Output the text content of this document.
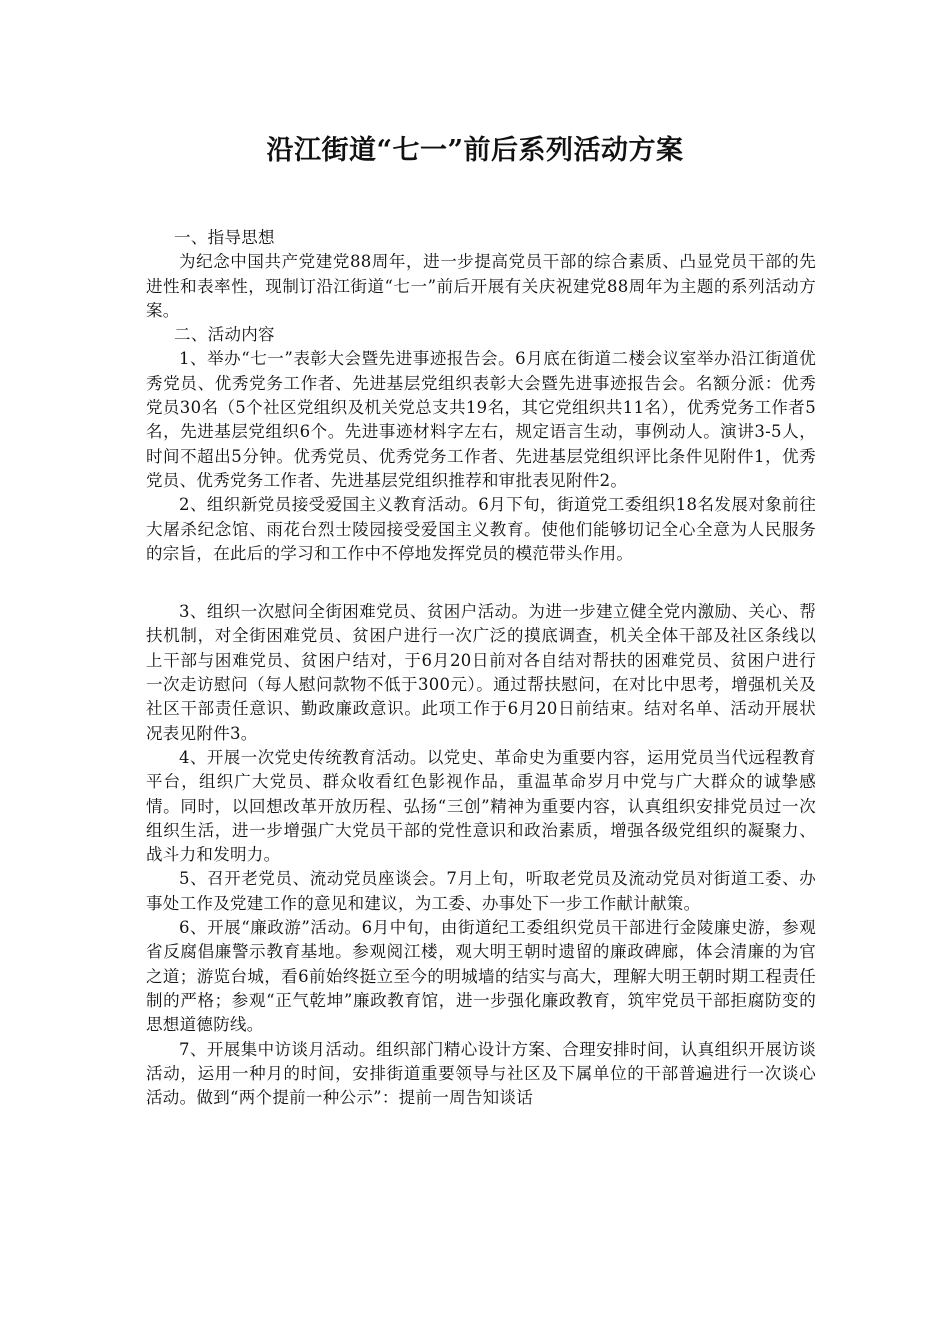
沿江街道“七一”前后系列活动方案

一、指导思想

为纪念中国共产党建党88周年，进一步提高党员干部的综合素质、凸显党员干部的先进性和表率性，现制订沿江街道“七一”前后开展有关庆祝建党88周年为主题的系列活动方案。

二、活动内容

1、举办“七一”表彰大会暨先进事迹报告会。6月底在街道二楼会议室举办沿江街道优秀党员、优秀党务工作者、先进基层党组织表彰大会暨先进事迹报告会。名额分派：优秀党员30名（5个社区党组织及机关党总支共19名，其它党组织共11名），优秀党务工作者5名，先进基层党组织6个。先进事迹材料字左右，规定语言生动，事例动人。演讲3-5人，时间不超出5分钟。优秀党员、优秀党务工作者、先进基层党组织评比条件见附件1，优秀党员、优秀党务工作者、先进基层党组织推荐和审批表见附件2。

2、组织新党员接受爱国主义教育活动。6月下旬，街道党工委组织18名发展对象前往大屠杀纪念馆、雨花台烈士陵园接受爱国主义教育。使他们能够切记全心全意为人民服务的宗旨，在此后的学习和工作中不停地发挥党员的模范带头作用。

3、组织一次慰问全街困难党员、贫困户活动。为进一步建立健全党内激励、关心、帮扶机制，对全街困难党员、贫困户进行一次广泛的摸底调查，机关全体干部及社区条线以上干部与困难党员、贫困户结对，于6月20日前对各自结对帮扶的困难党员、贫困户进行一次走访慰问（每人慰问款物不低于300元）。通过帮扶慰问，在对比中思考，增强机关及社区干部责任意识、勤政廉政意识。此项工作于6月20日前结束。结对名单、活动开展状况表见附件3。

4、开展一次党史传统教育活动。以党史、革命史为重要内容，运用党员当代远程教育平台，组织广大党员、群众收看红色影视作品，重温革命岁月中党与广大群众的诚挚感情。同时，以回想改革开放历程、弘扬“三创”精神为重要内容，认真组织安排党员过一次组织生活，进一步增强广大党员干部的党性意识和政治素质，增强各级党组织的凝聚力、战斗力和发明力。

5、召开老党员、流动党员座谈会。7月上旬，听取老党员及流动党员对街道工委、办事处工作及党建工作的意见和建议，为工委、办事处下一步工作献计献策。

6、开展“廉政游”活动。6月中旬，由街道纪工委组织党员干部进行金陵廉史游，参观省反腐倡廉警示教育基地。参观阅江楼，观大明王朝时遗留的廉政碑廊，体会清廉的为官之道；游览台城，看6前始终挺立至今的明城墙的结实与高大，理解大明王朝时期工程责任制的严格；参观“正气乾坤”廉政教育馆，进一步强化廉政教育，筑牢党员干部拒腐防变的思想道德防线。

7、开展集中访谈月活动。组织部门精心设计方案、合理安排时间，认真组织开展访谈活动，运用一种月的时间，安排街道重要领导与社区及下属单位的干部普遍进行一次谈心活动。做到“两个提前一种公示”：提前一周告知谈话
